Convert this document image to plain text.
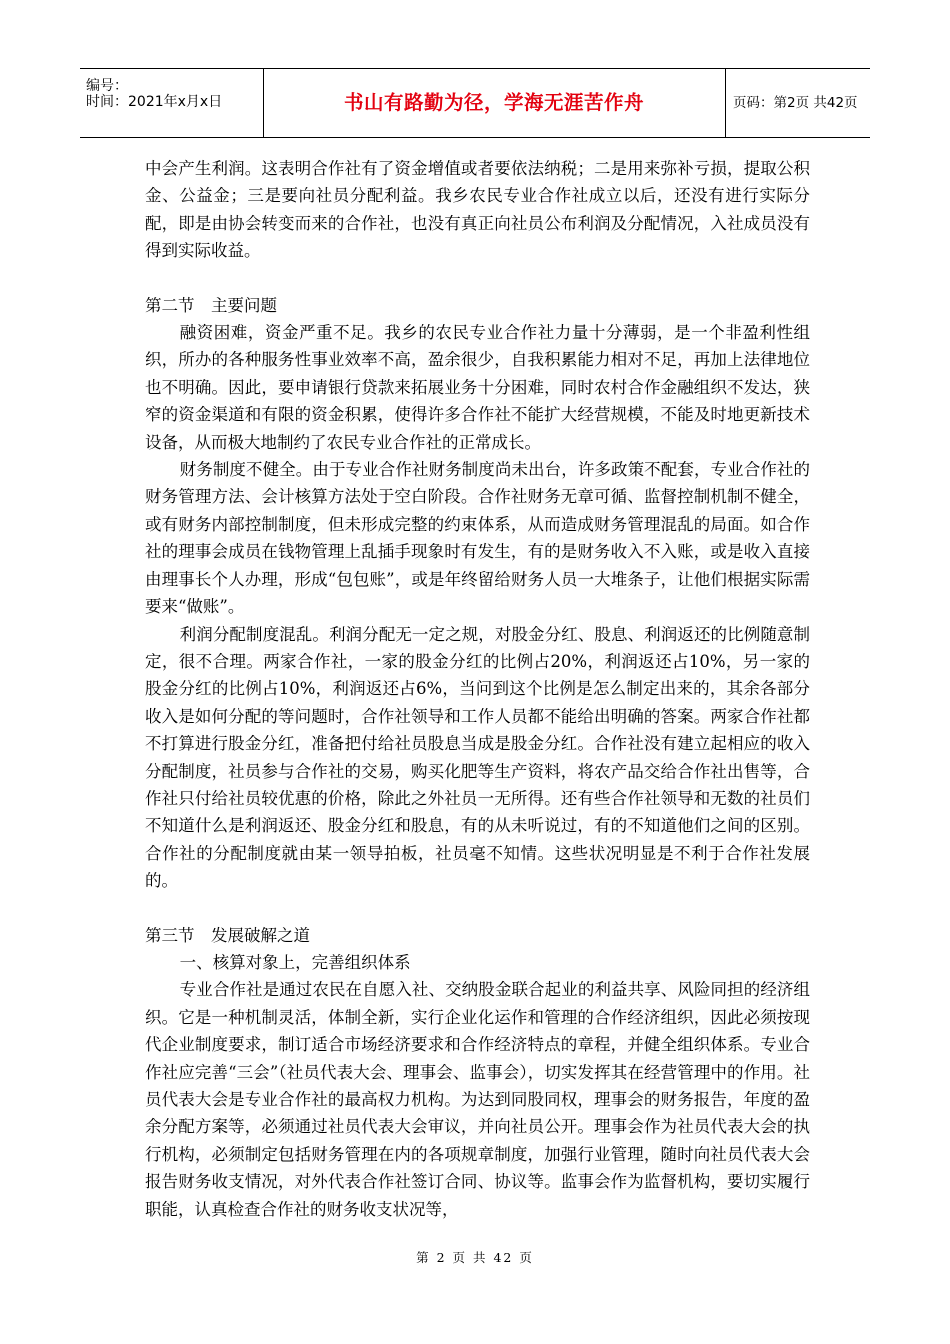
编号：
时间：2021年x月x日	书山有路勤为径，学海无涯苦作舟	页码：第2页 共42页

中会产生利润。这表明合作社有了资金增值或者要依法纳税；二是用来弥补亏损，提取公积金、公益金；三是要向社员分配利益。我乡农民专业合作社成立以后，还没有进行实际分配，即是由协会转变而来的合作社，也没有真正向社员公布利润及分配情况，入社成员没有得到实际收益。

第二节　主要问题

融资困难，资金严重不足。我乡的农民专业合作社力量十分薄弱，是一个非盈利性组织，所办的各种服务性事业效率不高，盈余很少，自我积累能力相对不足，再加上法律地位也不明确。因此，要申请银行贷款来拓展业务十分困难，同时农村合作金融组织不发达，狭窄的资金渠道和有限的资金积累，使得许多合作社不能扩大经营规模，不能及时地更新技术设备，从而极大地制约了农民专业合作社的正常成长。

财务制度不健全。由于专业合作社财务制度尚未出台，许多政策不配套，专业合作社的财务管理方法、会计核算方法处于空白阶段。合作社财务无章可循、监督控制机制不健全，或有财务内部控制制度，但未形成完整的约束体系，从而造成财务管理混乱的局面。如合作社的理事会成员在钱物管理上乱插手现象时有发生，有的是财务收入不入账，或是收入直接由理事长个人办理，形成“包包账”，或是年终留给财务人员一大堆条子，让他们根据实际需要来“做账”。

利润分配制度混乱。利润分配无一定之规，对股金分红、股息、利润返还的比例随意制定，很不合理。两家合作社，一家的股金分红的比例占20%，利润返还占10%，另一家的股金分红的比例占10%，利润返还占6%，当问到这个比例是怎么制定出来的，其余各部分收入是如何分配的等问题时，合作社领导和工作人员都不能给出明确的答案。两家合作社都不打算进行股金分红，准备把付给社员股息当成是股金分红。合作社没有建立起相应的收入分配制度，社员参与合作社的交易，购买化肥等生产资料，将农产品交给合作社出售等，合作社只付给社员较优惠的价格，除此之外社员一无所得。还有些合作社领导和无数的社员们不知道什么是利润返还、股金分红和股息，有的从未听说过，有的不知道他们之间的区别。合作社的分配制度就由某一领导拍板，社员毫不知情。这些状况明显是不利于合作社发展的。

第三节　发展破解之道

一、核算对象上，完善组织体系

专业合作社是通过农民在自愿入社、交纳股金联合起业的利益共享、风险同担的经济组织。它是一种机制灵活，体制全新，实行企业化运作和管理的合作经济组织，因此必须按现代企业制度要求，制订适合市场经济要求和合作经济特点的章程，并健全组织体系。专业合作社应完善“三会”（社员代表大会、理事会、监事会），切实发挥其在经营管理中的作用。社员代表大会是专业合作社的最高权力机构。为达到同股同权，理事会的财务报告，年度的盈余分配方案等，必须通过社员代表大会审议，并向社员公开。理事会作为社员代表大会的执行机构，必须制定包括财务管理在内的各项规章制度，加强行业管理，随时向社员代表大会报告财务收支情况，对外代表合作社签订合同、协议等。监事会作为监督机构，要切实履行职能，认真检查合作社的财务收支状况等，

第 2 页 共 42 页
